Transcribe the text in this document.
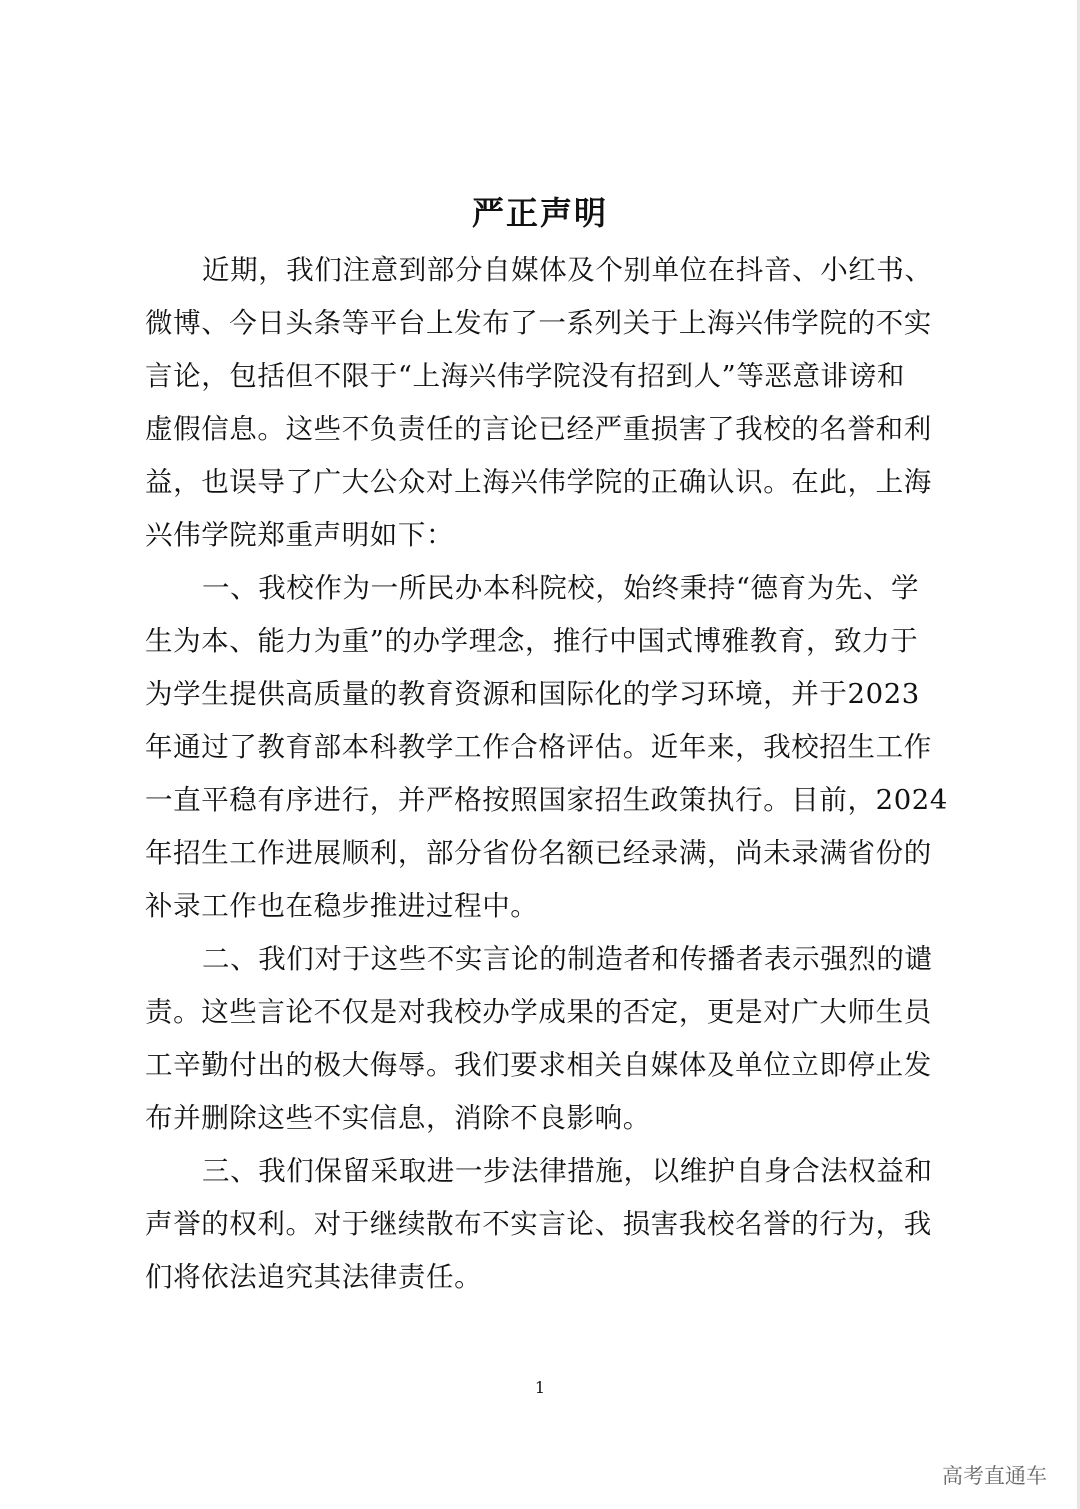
严正声明
近期，我们注意到部分自媒体及个别单位在抖音、小红书、
微博、今日头条等平台上发布了一系列关于上海兴伟学院的不实
言论，包括但不限于“上海兴伟学院没有招到人”等恶意诽谤和
虚假信息。这些不负责任的言论已经严重损害了我校的名誉和利
益，也误导了广大公众对上海兴伟学院的正确认识。在此，上海
兴伟学院郑重声明如下：
一、我校作为一所民办本科院校，始终秉持“德育为先、学
生为本、能力为重”的办学理念，推行中国式博雅教育，致力于
为学生提供高质量的教育资源和国际化的学习环境，并于2023
年通过了教育部本科教学工作合格评估。近年来，我校招生工作
一直平稳有序进行，并严格按照国家招生政策执行。目前，2024
年招生工作进展顺利，部分省份名额已经录满，尚未录满省份的
补录工作也在稳步推进过程中。
二、我们对于这些不实言论的制造者和传播者表示强烈的谴
责。这些言论不仅是对我校办学成果的否定，更是对广大师生员
工辛勤付出的极大侮辱。我们要求相关自媒体及单位立即停止发
布并删除这些不实信息，消除不良影响。
三、我们保留采取进一步法律措施，以维护自身合法权益和
声誉的权利。对于继续散布不实言论、损害我校名誉的行为，我
们将依法追究其法律责任。
1
高考直通车
